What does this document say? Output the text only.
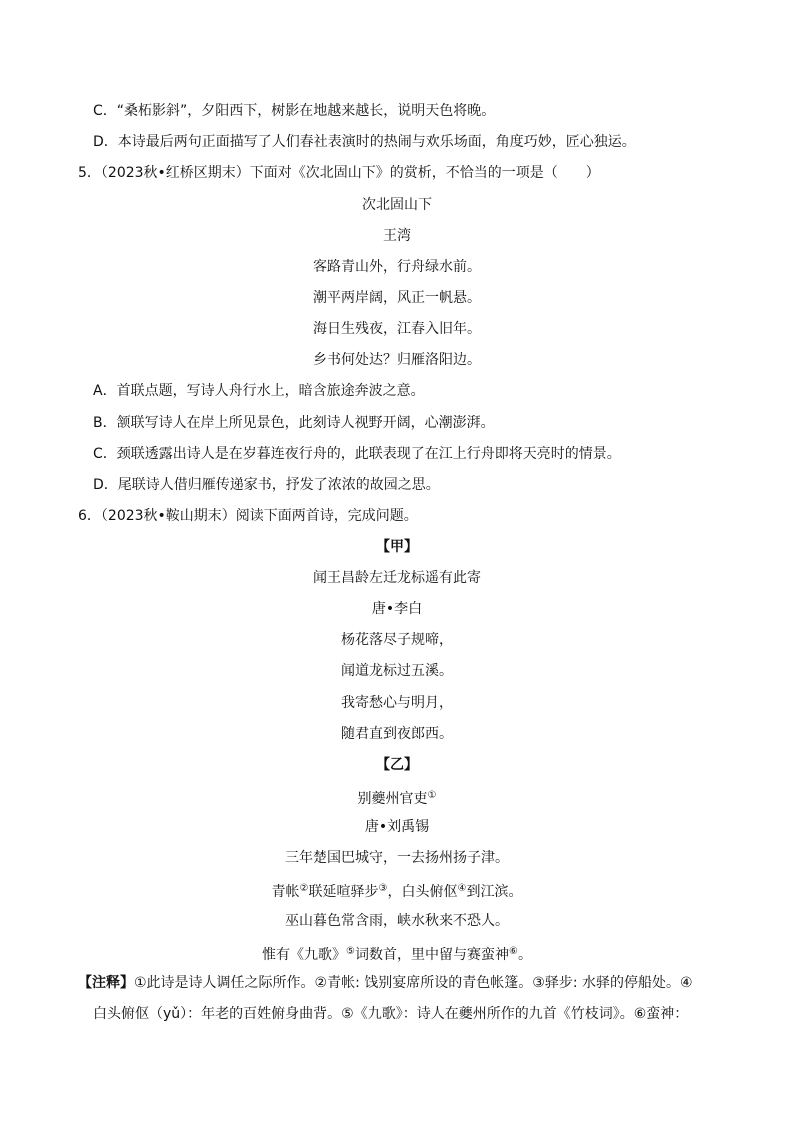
C．“桑柘影斜”，夕阳西下，树影在地越来越长，说明天色将晚。
D．本诗最后两句正面描写了人们春社表演时的热闹与欢乐场面，角度巧妙，匠心独运。
5．（2023秋•红桥区期末）下面对《次北固山下》的赏析，不恰当的一项是（　　）
次北固山下
王湾
客路青山外，行舟绿水前。
潮平两岸阔，风正一帆悬。
海日生残夜，江春入旧年。
乡书何处达？归雁洛阳边。
A．首联点题，写诗人舟行水上，暗含旅途奔波之意。
B．颔联写诗人在岸上所见景色，此刻诗人视野开阔，心潮澎湃。
C．颈联透露出诗人是在岁暮连夜行舟的，此联表现了在江上行舟即将天亮时的情景。
D．尾联诗人借归雁传递家书，抒发了浓浓的故园之思。
6．（2023秋•鞍山期末）阅读下面两首诗，完成问题。
【甲】
闻王昌龄左迁龙标遥有此寄
唐•李白
杨花落尽子规啼，
闻道龙标过五溪。
我寄愁心与明月，
随君直到夜郎西。
【乙】
别夔州官吏①
唐•刘禹锡
三年楚国巴城守，一去扬州扬子津。
青帐②联延喧驿步③，白头俯伛④到江滨。
巫山暮色常含雨，峡水秋来不恐人。
惟有《九歌》⑤词数首，里中留与赛蛮神⑥。
【注释】①此诗是诗人调任之际所作。②青帐: 饯别宴席所设的青色帐篷。③驿步: 水驿的停船处。④
白头俯伛（yǔ）：年老的百姓俯身曲背。⑤《九歌》：诗人在夔州所作的九首《竹枝词》。⑥蛮神：
